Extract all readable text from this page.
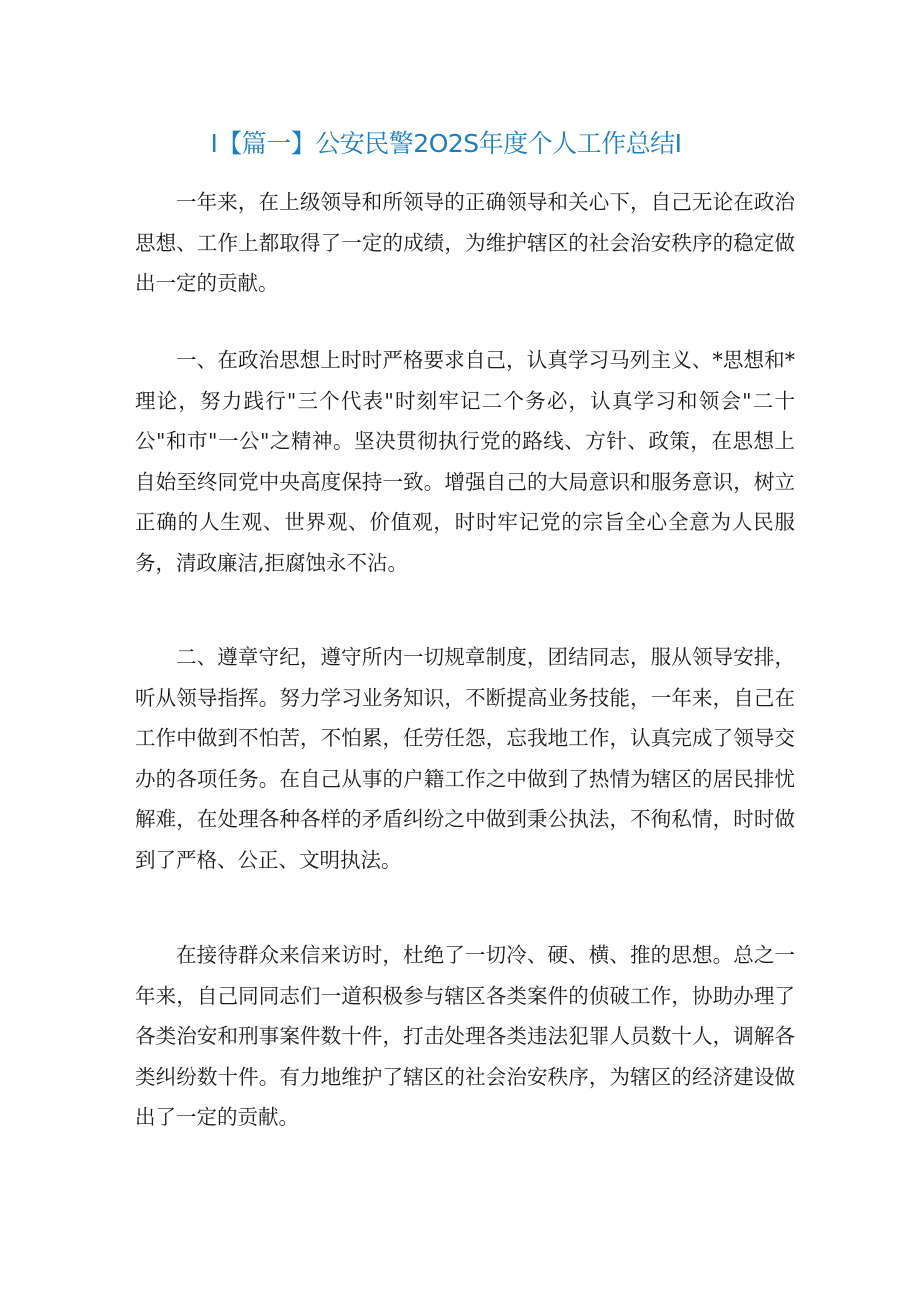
I【篇一】公安民警2O2S年度个人工作总结I

一年来，在上级领导和所领导的正确领导和关心下，自己无论在政治思想、工作上都取得了一定的成绩，为维护辖区的社会治安秩序的稳定做出一定的贡献。

一、在政治思想上时时严格要求自己，认真学习马列主义、*思想和*理论，努力践行"三个代表"时刻牢记二个务必，认真学习和领会"二十公"和市"一公"之精神。坚决贯彻执行党的路线、方针、政策，在思想上自始至终同党中央高度保持一致。增强自己的大局意识和服务意识，树立正确的人生观、世界观、价值观，时时牢记党的宗旨全心全意为人民服务，清政廉洁,拒腐蚀永不沾。

二、遵章守纪，遵守所内一切规章制度，团结同志，服从领导安排，听从领导指挥。努力学习业务知识，不断提高业务技能，一年来，自己在工作中做到不怕苦，不怕累，任劳任怨，忘我地工作，认真完成了领导交办的各项任务。在自己从事的户籍工作之中做到了热情为辖区的居民排忧解难，在处理各种各样的矛盾纠纷之中做到秉公执法，不徇私情，时时做到了严格、公正、文明执法。

在接待群众来信来访时，杜绝了一切冷、硬、横、推的思想。总之一年来，自己同同志们一道积极参与辖区各类案件的侦破工作，协助办理了各类治安和刑事案件数十件，打击处理各类违法犯罪人员数十人，调解各类纠纷数十件。有力地维护了辖区的社会治安秩序，为辖区的经济建设做出了一定的贡献。
